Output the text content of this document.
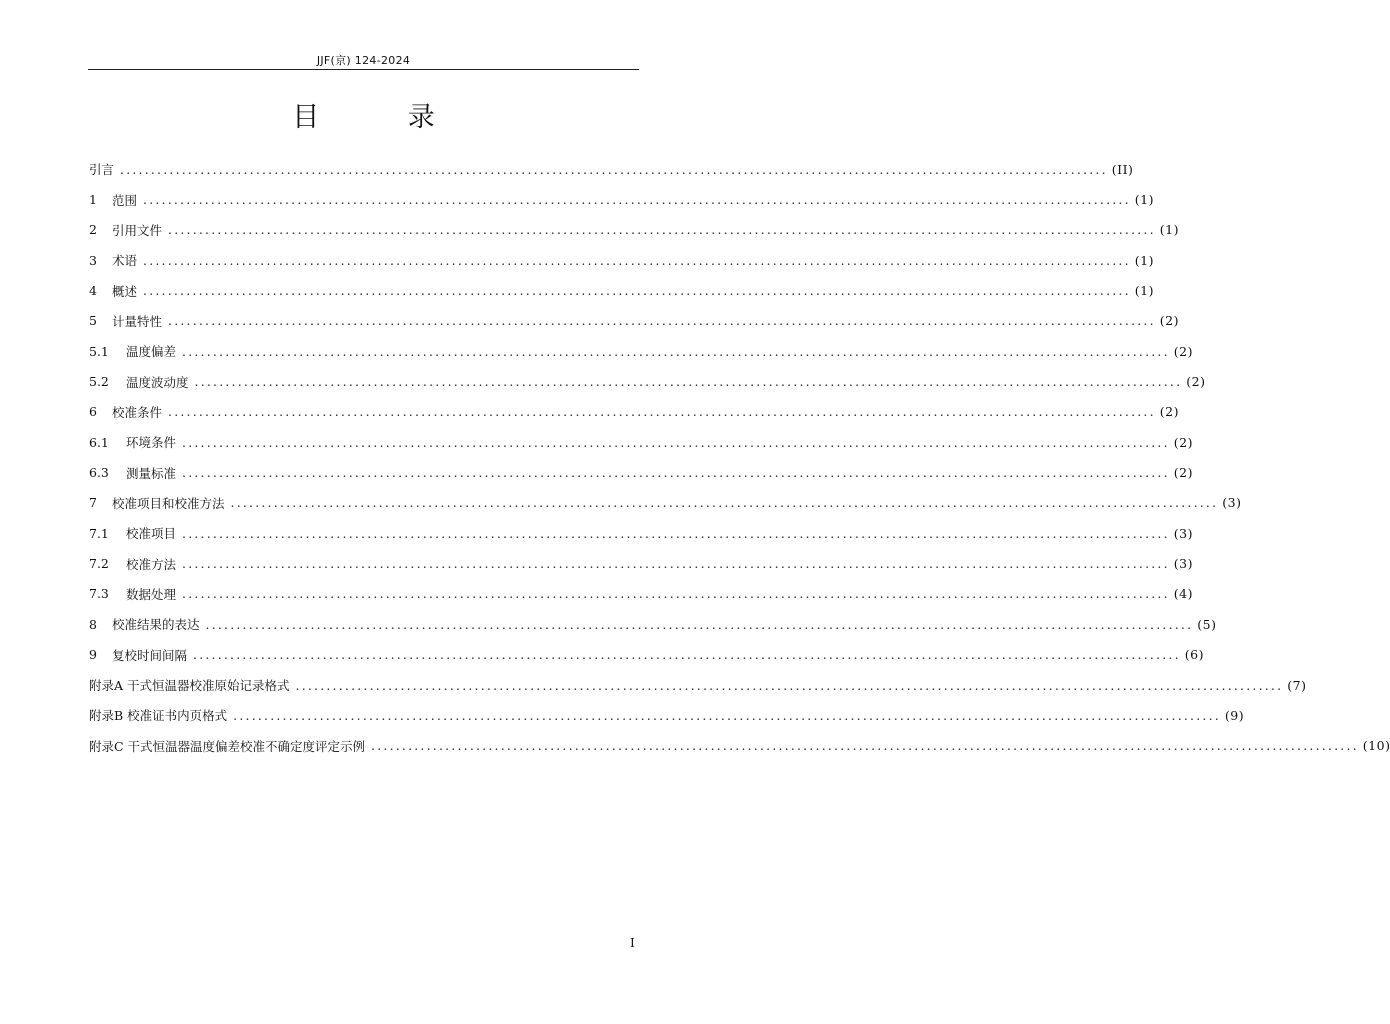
JJF(京) 124-2024
目 录
引言 ................................................................................................................................................................ (II)
1	范围 ................................................................................................................................................................ (1)
2	引用文件 ................................................................................................................................................................ (1)
3	术语 ................................................................................................................................................................ (1)
4	概述 ................................................................................................................................................................ (1)
5	计量特性 ................................................................................................................................................................ (2)
5.1	温度偏差 ................................................................................................................................................................ (2)
5.2	温度波动度 ................................................................................................................................................................ (2)
6	校准条件 ................................................................................................................................................................ (2)
6.1	环境条件 ................................................................................................................................................................ (2)
6.3	测量标准 ................................................................................................................................................................ (2)
7	校准项目和校准方法 ................................................................................................................................................................ (3)
7.1	校准项目 ................................................................................................................................................................ (3)
7.2	校准方法 ................................................................................................................................................................ (3)
7.3	数据处理 ................................................................................................................................................................ (4)
8	校准结果的表达 ................................................................................................................................................................ (5)
9	复校时间间隔 ................................................................................................................................................................ (6)
附录A 干式恒温器校准原始记录格式 ................................................................................................................................................................ (7)
附录B 校准证书内页格式 ................................................................................................................................................................ (9)
附录C 干式恒温器温度偏差校准不确定度评定示例 ................................................................................................................................................................ (10)
I
